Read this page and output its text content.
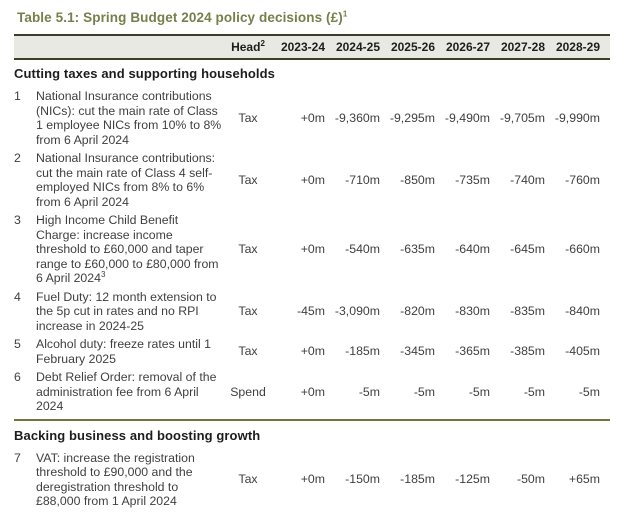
Table 5.1: Spring Budget 2024 policy decisions (£)$^1$
Head$^2$	2023-24 2024-25 2025-26 2026-27 2027-28 2028-29
Cutting taxes and supporting households
1	National Insurance contributions (NICs): cut the main rate of Class 1 employee NICs from 10% to 8% from 6 April 2024
Tax	+0m -9,360m -9,295m -9,490m -9,705m -9,990m
2	National Insurance contributions: cut the main rate of Class 4 self-employed NICs from 8% to 6% from 6 April 2024
Tax	+0m	-710m	-850m	-735m	-740m	-760m
3	High Income Child Benefit Charge: increase income threshold to £60,000 and taper range to £60,000 to £80,000 from 6 April 2024$^3$
Tax	+0m	-540m	-635m	-640m	-645m	-660m
4	Fuel Duty: 12 month extension to the 5p cut in rates and no RPI increase in 2024-25
Tax	-45m -3,090m	-820m	-830m	-835m	-840m
5	Alcohol duty: freeze rates until 1 February 2025
Tax	+0m	-185m	-345m	-365m	-385m	-405m
6	Debt Relief Order: removal of the administration fee from 6 April 2024
Spend	+0m	-5m	-5m	-5m	-5m	-5m
Backing business and boosting growth
7	VAT: increase the registration threshold to £90,000 and the deregistration threshold to £88,000 from 1 April 2024
Tax	+0m	-150m	-185m	-125m	-50m	+65m
